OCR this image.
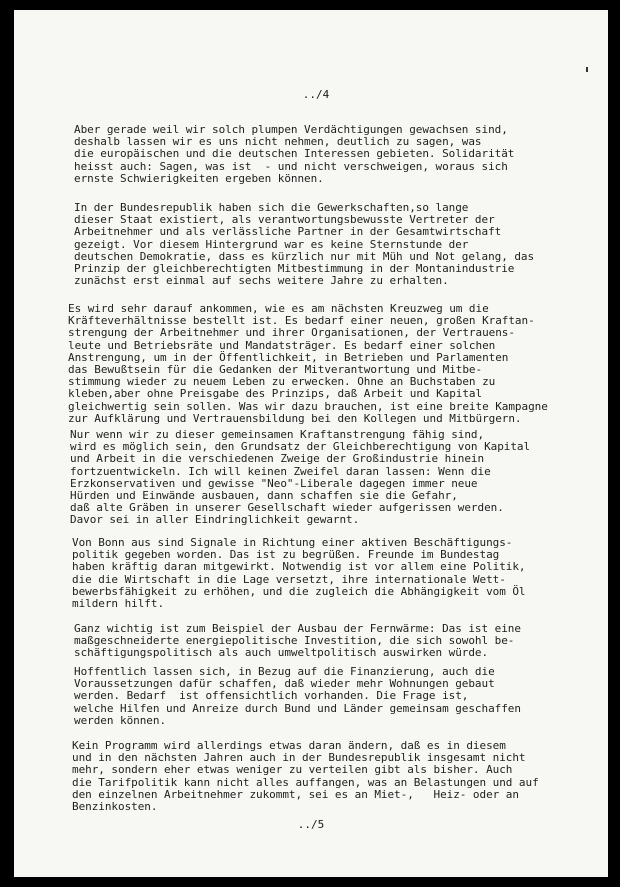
../4

Aber gerade weil wir solch plumpen Verdächtigungen gewachsen sind,
deshalb lassen wir es uns nicht nehmen, deutlich zu sagen, was
die europäischen und die deutschen Interessen gebieten. Solidarität
heisst auch: Sagen, was ist  - und nicht verschweigen, woraus sich
ernste Schwierigkeiten ergeben können.

In der Bundesrepublik haben sich die Gewerkschaften,so lange
dieser Staat existiert, als verantwortungsbewusste Vertreter der
Arbeitnehmer und als verlässliche Partner in der Gesamtwirtschaft
gezeigt. Vor diesem Hintergrund war es keine Sternstunde der
deutschen Demokratie, dass es kürzlich nur mit Müh und Not gelang, das
Prinzip der gleichberechtigten Mitbestimmung in der Montanindustrie
zunächst erst einmal auf sechs weitere Jahre zu erhalten.

Es wird sehr darauf ankommen, wie es am nächsten Kreuzweg um die
Kräfteverhältnisse bestellt ist. Es bedarf einer neuen, großen Kraftan-
strengung der Arbeitnehmer und ihrer Organisationen, der Vertrauens-
leute und Betriebsräte und Mandatsträger. Es bedarf einer solchen
Anstrengung, um in der Öffentlichkeit, in Betrieben und Parlamenten
das Bewußtsein für die Gedanken der Mitverantwortung und Mitbe-
stimmung wieder zu neuem Leben zu erwecken. Ohne an Buchstaben zu
kleben,aber ohne Preisgabe des Prinzips, daß Arbeit und Kapital
gleichwertig sein sollen. Was wir dazu brauchen, ist eine breite Kampagne
zur Aufklärung und Vertrauensbildung bei den Kollegen und Mitbürgern.

Nur wenn wir zu dieser gemeinsamen Kraftanstrengung fähig sind,
wird es möglich sein, den Grundsatz der Gleichberechtigung von Kapital
und Arbeit in die verschiedenen Zweige der Großindustrie hinein
fortzuentwickeln. Ich will keinen Zweifel daran lassen: Wenn die
Erzkonservativen und gewisse "Neo"-Liberale dagegen immer neue
Hürden und Einwände ausbauen, dann schaffen sie die Gefahr,
daß alte Gräben in unserer Gesellschaft wieder aufgerissen werden.
Davor sei in aller Eindringlichkeit gewarnt.

Von Bonn aus sind Signale in Richtung einer aktiven Beschäftigungs-
politik gegeben worden. Das ist zu begrüßen. Freunde im Bundestag
haben kräftig daran mitgewirkt. Notwendig ist vor allem eine Politik,
die die Wirtschaft in die Lage versetzt, ihre internationale Wett-
bewerbsfähigkeit zu erhöhen, und die zugleich die Abhängigkeit vom Öl
mildern hilft.

Ganz wichtig ist zum Beispiel der Ausbau der Fernwärme: Das ist eine
maßgeschneiderte energiepolitische Investition, die sich sowohl be-
schäftigungspolitisch als auch umweltpolitisch auswirken würde.

Hoffentlich lassen sich, in Bezug auf die Finanzierung, auch die
Voraussetzungen dafür schaffen, daß wieder mehr Wohnungen gebaut
werden. Bedarf  ist offensichtlich vorhanden. Die Frage ist,
welche Hilfen und Anreize durch Bund und Länder gemeinsam geschaffen
werden können.

Kein Programm wird allerdings etwas daran ändern, daß es in diesem
und in den nächsten Jahren auch in der Bundesrepublik insgesamt nicht
mehr, sondern eher etwas weniger zu verteilen gibt als bisher. Auch
die Tarifpolitik kann nicht alles auffangen, was an Belastungen und auf
den einzelnen Arbeitnehmer zukommt, sei es an Miet-,   Heiz- oder an
Benzinkosten.

../5
